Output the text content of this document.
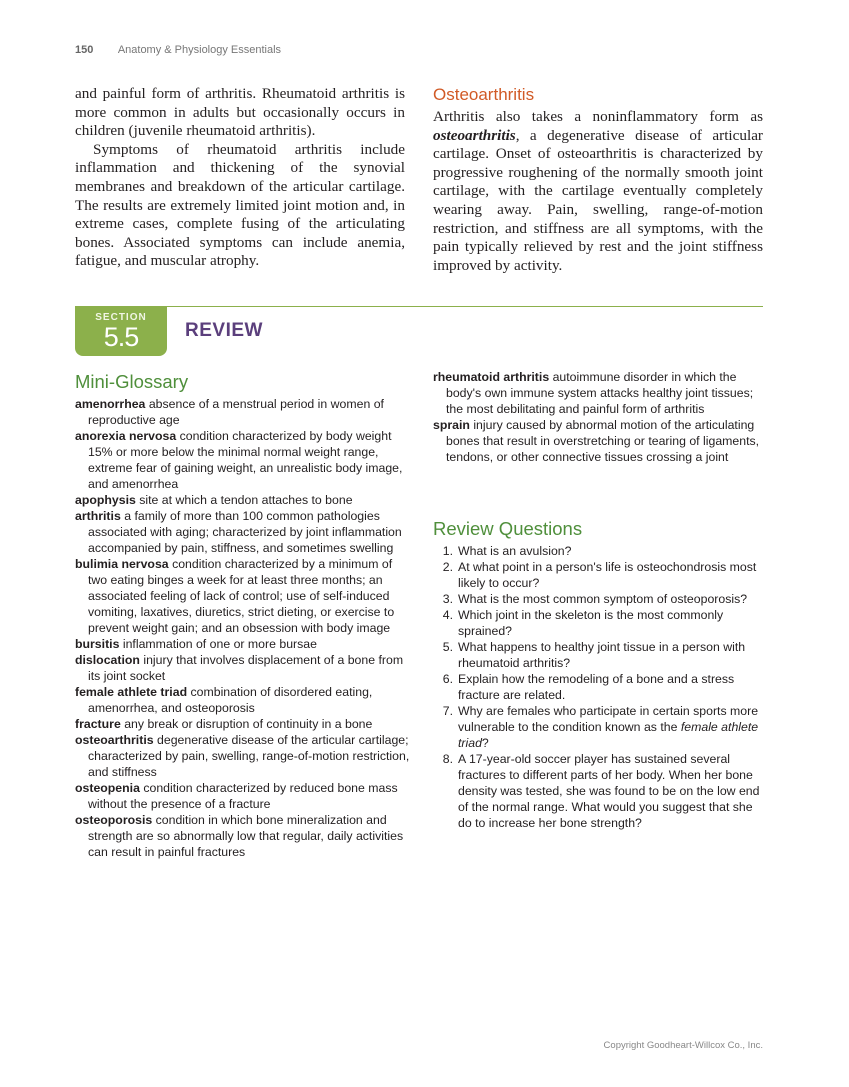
150 Anatomy & Physiology Essentials

and painful form of arthritis. Rheumatoid arthritis is more common in adults but occasionally occurs in children (juvenile rheumatoid arthritis).

Symptoms of rheumatoid arthritis include inflammation and thickening of the synovial membranes and breakdown of the articular cartilage. The results are extremely limited joint motion and, in extreme cases, complete fusing of the articulating bones. Associated symptoms can include anemia, fatigue, and muscular atrophy.

Osteoarthritis

Arthritis also takes a noninflammatory form as osteoarthritis, a degenerative disease of articular cartilage. Onset of osteoarthritis is characterized by progressive roughening of the normally smooth joint cartilage, with the cartilage eventually completely wearing away. Pain, swelling, range-of-motion restriction, and stiffness are all symptoms, with the pain typically relieved by rest and the joint stiffness improved by activity.

SECTION
5.5	REVIEW
Mini-Glossary

amenorrhea absence of a menstrual period in women of reproductive age

anorexia nervosa condition characterized by body weight 15% or more below the minimal normal weight range, extreme fear of gaining weight, an unrealistic body image, and amenorrhea

apophysis site at which a tendon attaches to bone

arthritis a family of more than 100 common pathologies associated with aging; characterized by joint inflammation accompanied by pain, stiffness, and sometimes swelling

bulimia nervosa condition characterized by a minimum of two eating binges a week for at least three months; an associated feeling of lack of control; use of self-induced vomiting, laxatives, diuretics, strict dieting, or exercise to prevent weight gain; and an obsession with body image

bursitis inflammation of one or more bursae

dislocation injury that involves displacement of a bone from its joint socket

female athlete triad combination of disordered eating, amenorrhea, and osteoporosis

fracture any break or disruption of continuity in a bone

osteoarthritis degenerative disease of the articular cartilage; characterized by pain, swelling, range-of-motion restriction, and stiffness

osteopenia condition characterized by reduced bone mass without the presence of a fracture

osteoporosis condition in which bone mineralization and strength are so abnormally low that regular, daily activities can result in painful fractures

rheumatoid arthritis autoimmune disorder in which the body's own immune system attacks healthy joint tissues; the most debilitating and painful form of arthritis

sprain injury caused by abnormal motion of the articulating bones that result in overstretching or tearing of ligaments, tendons, or other connective tissues crossing a joint

Review Questions
1. What is an avulsion?
2. At what point in a person's life is osteochondrosis most likely to occur?
3. What is the most common symptom of osteoporosis?
4. Which joint in the skeleton is the most commonly sprained?
5. What happens to healthy joint tissue in a person with rheumatoid arthritis?
6. Explain how the remodeling of a bone and a stress fracture are related.
7. Why are females who participate in certain sports more vulnerable to the condition known as the female athlete triad?
8. A 17-year-old soccer player has sustained several fractures to different parts of her body. When her bone density was tested, she was found to be on the low end of the normal range. What would you suggest that she do to increase her bone strength?
Copyright Goodheart-Willcox Co., Inc.
